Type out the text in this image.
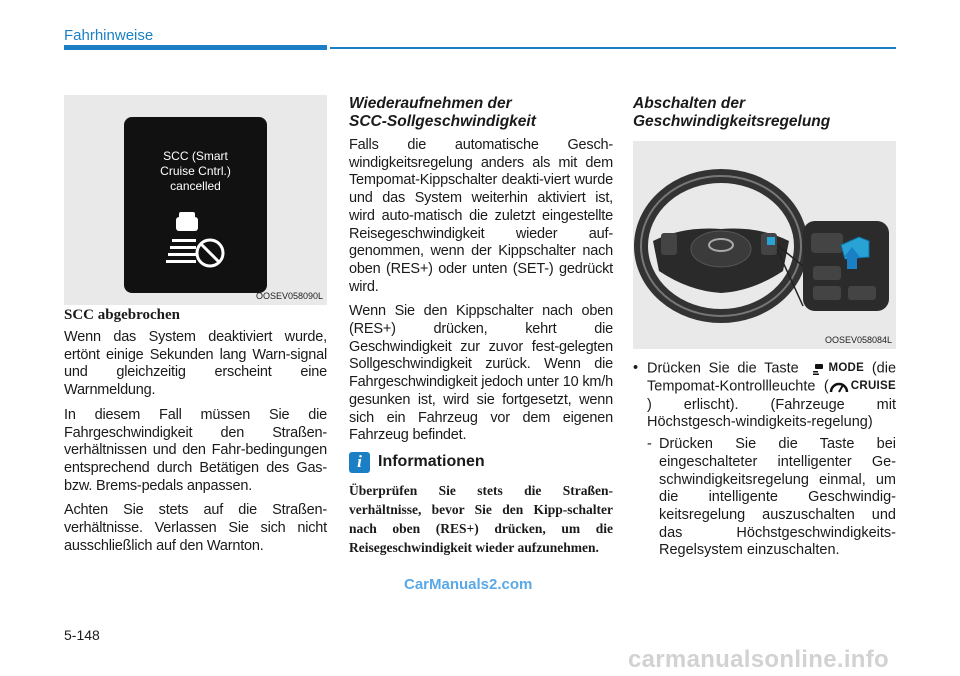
Fahrhinweise
SCC (Smart
Cruise Cntrl.)
cancelled
OOSEV058090L
SCC abgebrochen

Wenn das System deaktiviert wurde, ertönt einige Sekunden lang Warn-signal und gleichzeitig erscheint eine Warnmeldung.

In diesem Fall müssen Sie die Fahrgeschwindigkeit den Straßen-verhältnissen und den Fahr-bedingungen entsprechend durch Betätigen des Gas- bzw. Brems-pedals anpassen.

Achten Sie stets auf die Straßen-verhältnisse. Verlassen Sie sich nicht ausschließlich auf den Warnton.

Wiederaufnehmen der
SCC-Sollgeschwindigkeit

Falls die automatische Gesch-windigkeitsregelung anders als mit dem Tempomat-Kippschalter deakti-viert wurde und das System weiterhin aktiviert ist, wird auto-matisch die zuletzt eingestellte Reisegeschwindigkeit wieder auf-genommen, wenn der Kippschalter nach oben (RES+) oder unten (SET-) gedrückt wird.

Wenn Sie den Kippschalter nach oben (RES+) drücken, kehrt die Geschwindigkeit zur zuvor fest-gelegten Sollgeschwindigkeit zurück. Wenn die Fahrgeschwindigkeit jedoch unter 10 km/h gesunken ist, wird sie fortgesetzt, wenn sich ein Fahrzeug vor dem eigenen Fahrzeug befindet.

i	Informationen

Überprüfen Sie stets die Straßen-verhältnisse, bevor Sie den Kipp-schalter nach oben (RES+) drücken, um die Reisegeschwindigkeit wieder aufzunehmen.

Abschalten der
Geschwindigkeitsregelung
OOSEV058084L
• Drücken Sie die Taste	MODE (die Tempomat-Kontrollleuchte ( CRUISE
) erlischt). (Fahrzeuge mit Höchstgesch-windigkeits-regelung)
- Drücken Sie die Taste bei eingeschalteter intelligenter Ge-schwindigkeitsregelung einmal, um die intelligente Geschwindig-keitsregelung auszuschalten und das Höchstgeschwindigkeits-Regelsystem einzuschalten.
CarManuals2.com
5-148
carmanualsonline.info
